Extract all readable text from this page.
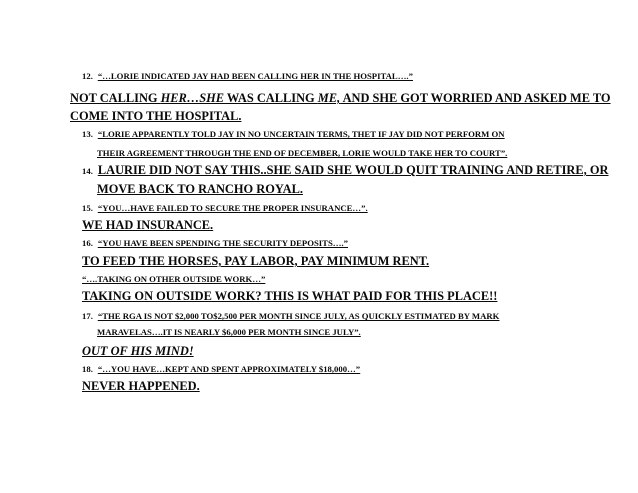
12. “…LORIE INDICATED JAY HAD BEEN CALLING HER IN THE HOSPITAL….”

NOT CALLING HER…SHE WAS CALLING ME, AND SHE GOT WORRIED AND ASKED ME TO

COME INTO THE HOSPITAL.

13. “LORIE APPARENTLY TOLD JAY IN NO UNCERTAIN TERMS, THET IF JAY DID NOT PERFORM ON

THEIR AGREEMENT THROUGH THE END OF DECEMBER, LORIE WOULD TAKE HER TO COURT”.

14. LAURIE DID NOT SAY THIS..SHE SAID SHE WOULD QUIT TRAINING AND RETIRE, OR

MOVE BACK TO RANCHO ROYAL.

15. “YOU…HAVE FAILED TO SECURE THE PROPER INSURANCE…”.

WE HAD INSURANCE.

16. “YOU HAVE BEEN SPENDING THE SECURITY DEPOSITS….”

TO FEED THE HORSES, PAY LABOR, PAY MINIMUM RENT.

“….TAKING ON OTHER OUTSIDE WORK…”

TAKING ON OUTSIDE WORK? THIS IS WHAT PAID FOR THIS PLACE!!

17. “THE RGA IS NOT $2,000 TO$2,500 PER MONTH SINCE JULY, AS QUICKLY ESTIMATED BY MARK

MARAVELAS….IT IS NEARLY $6,000 PER MONTH SINCE JULY”.

OUT OF HIS MIND!

18. “…YOU HAVE…KEPT AND SPENT APPROXIMATELY $18,000…”

NEVER HAPPENED.
